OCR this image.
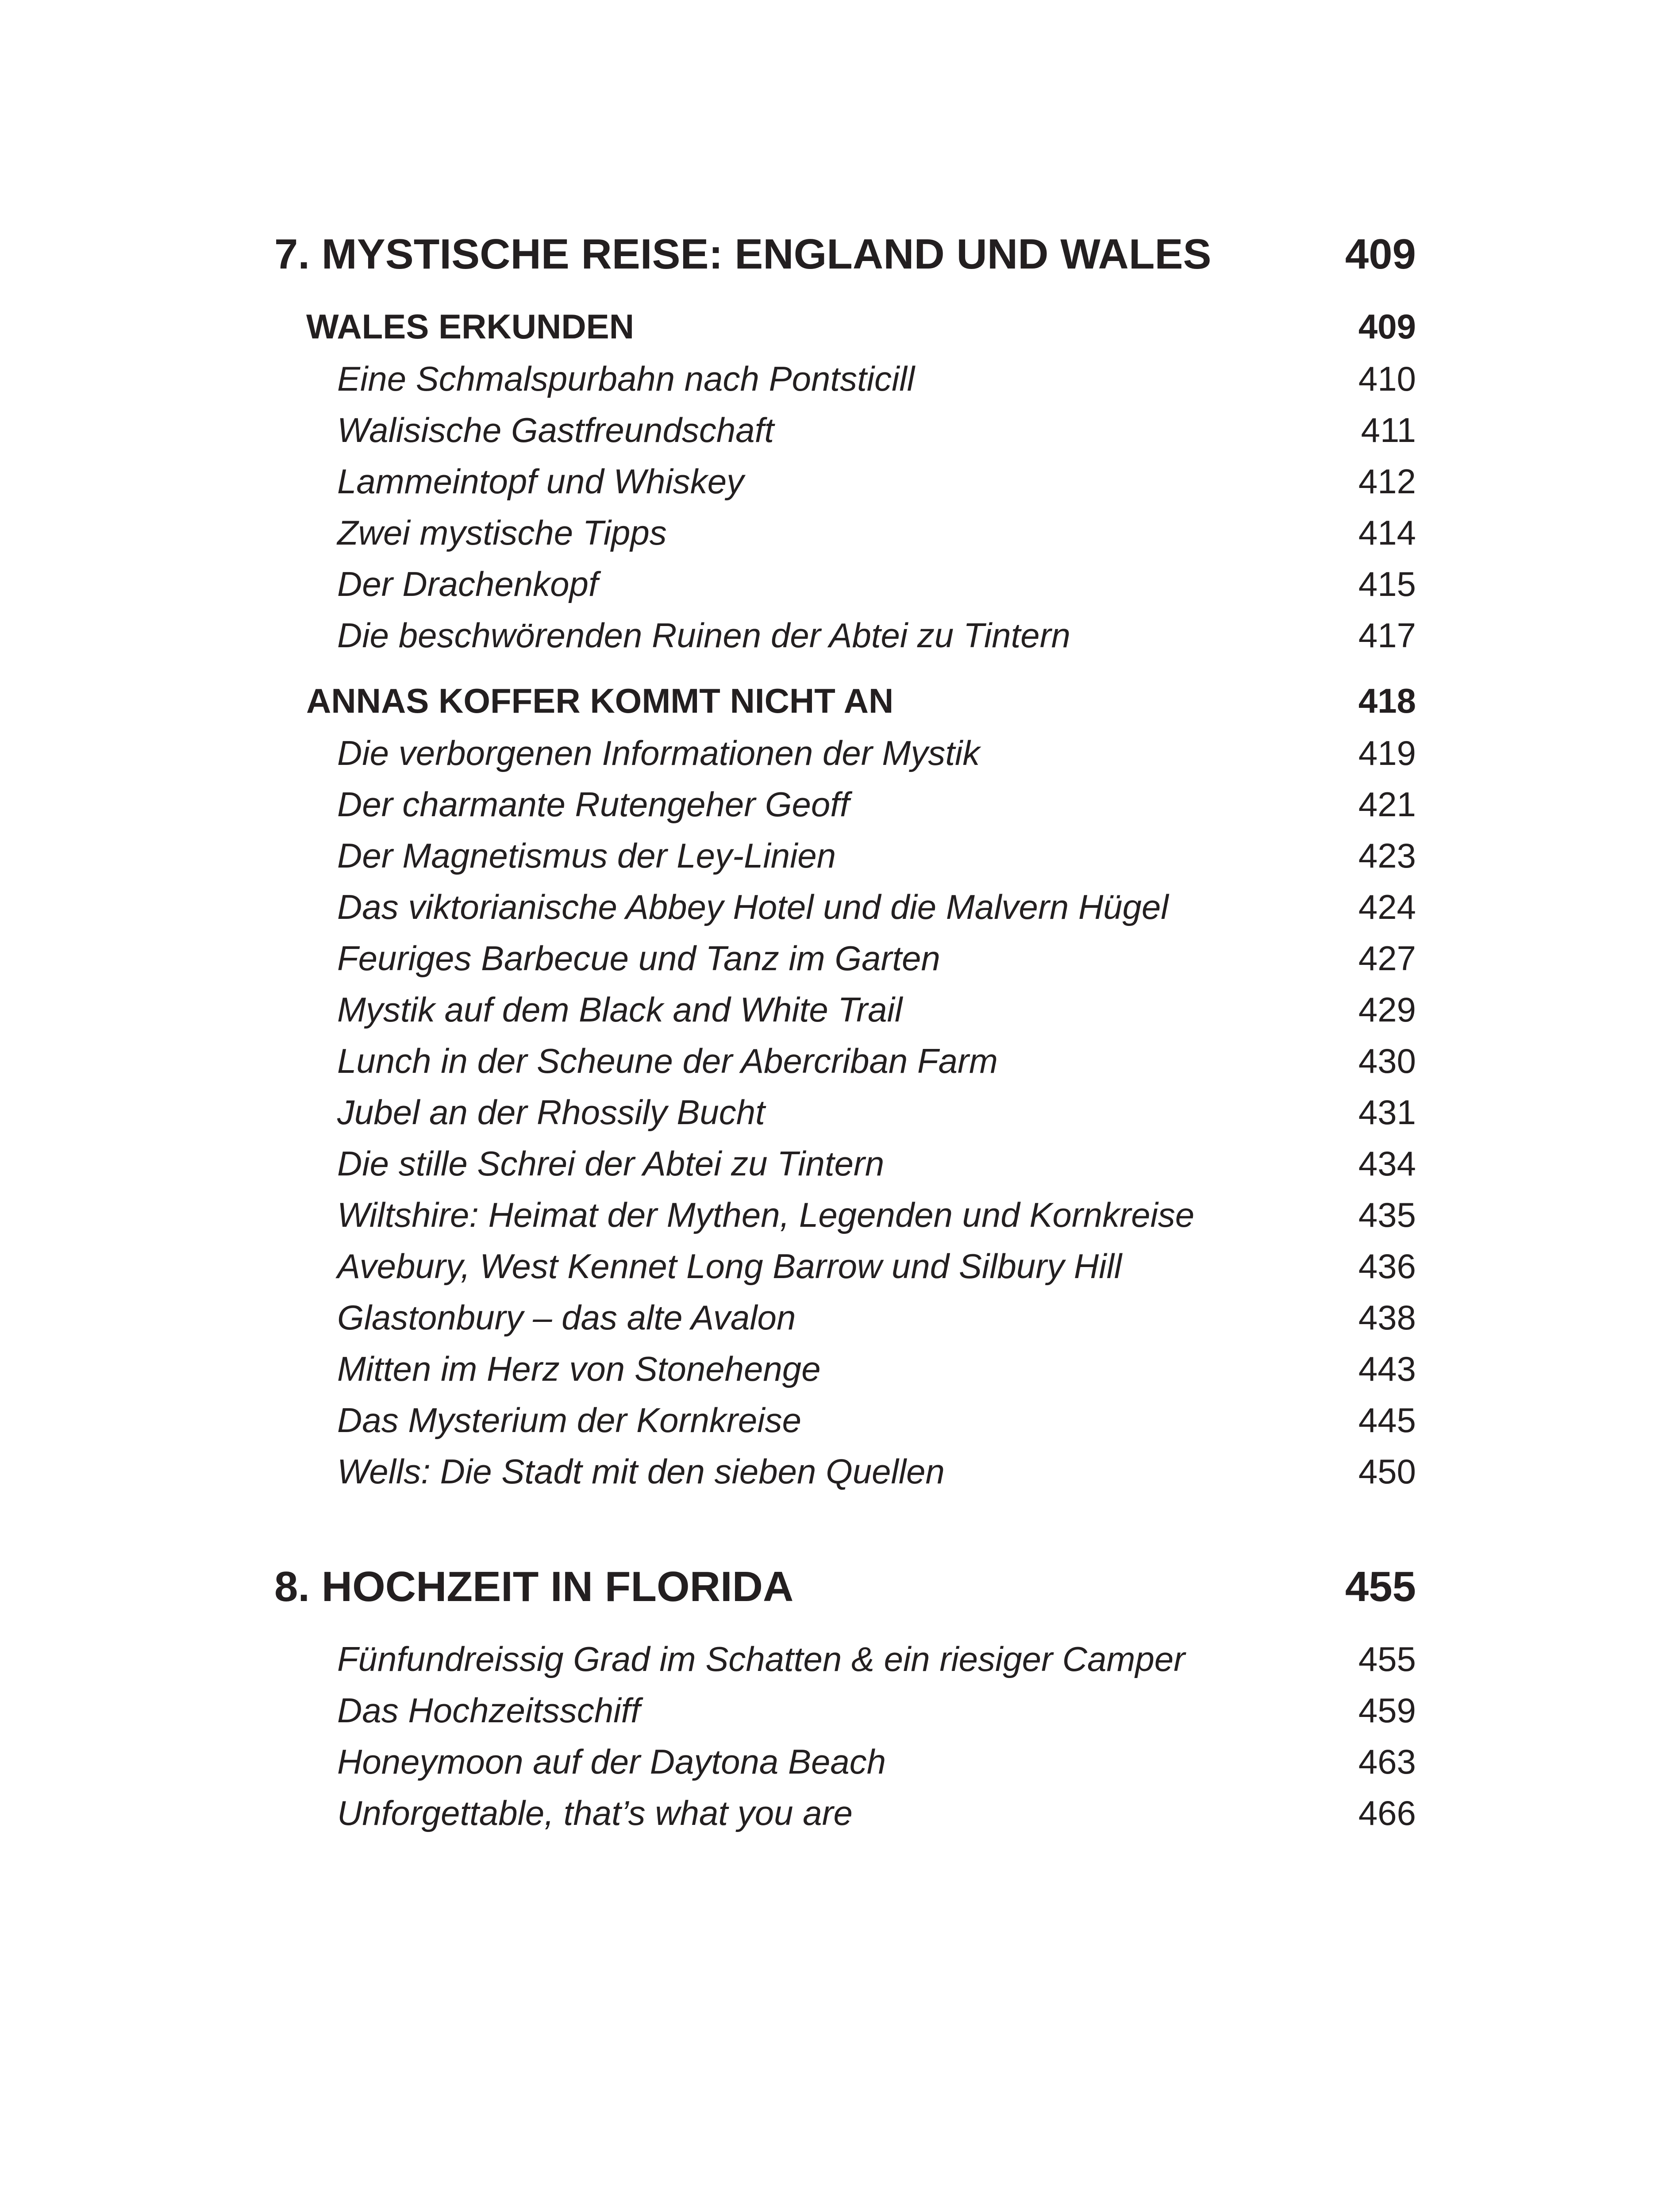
7. MYSTISCHE REISE: ENGLAND UND WALES	409
WALES ERKUNDEN	409
Eine Schmalspurbahn nach Pontsticill	410
Walisische Gastfreundschaft	411
Lammeintopf und Whiskey	412
Zwei mystische Tipps	414
Der Drachenkopf	415
Die beschwörenden Ruinen der Abtei zu Tintern	417
ANNAS KOFFER KOMMT NICHT AN	418
Die verborgenen Informationen der Mystik	419
Der charmante Rutengeher Geoff	421
Der Magnetismus der Ley-Linien	423
Das viktorianische Abbey Hotel und die Malvern Hügel	424
Feuriges Barbecue und Tanz im Garten	427
Mystik auf dem Black and White Trail	429
Lunch in der Scheune der Abercriban Farm	430
Jubel an der Rhossily Bucht	431
Die stille Schrei der Abtei zu Tintern	434
Wiltshire: Heimat der Mythen, Legenden und Kornkreise	435
Avebury, West Kennet Long Barrow und Silbury Hill	436
Glastonbury – das alte Avalon	438
Mitten im Herz von Stonehenge	443
Das Mysterium der Kornkreise	445
Wells: Die Stadt mit den sieben Quellen	450
8. HOCHZEIT IN FLORIDA	455
Fünfundreissig Grad im Schatten & ein riesiger Camper	455
Das Hochzeitsschiff	459
Honeymoon auf der Daytona Beach	463
Unforgettable, that’s what you are	466
